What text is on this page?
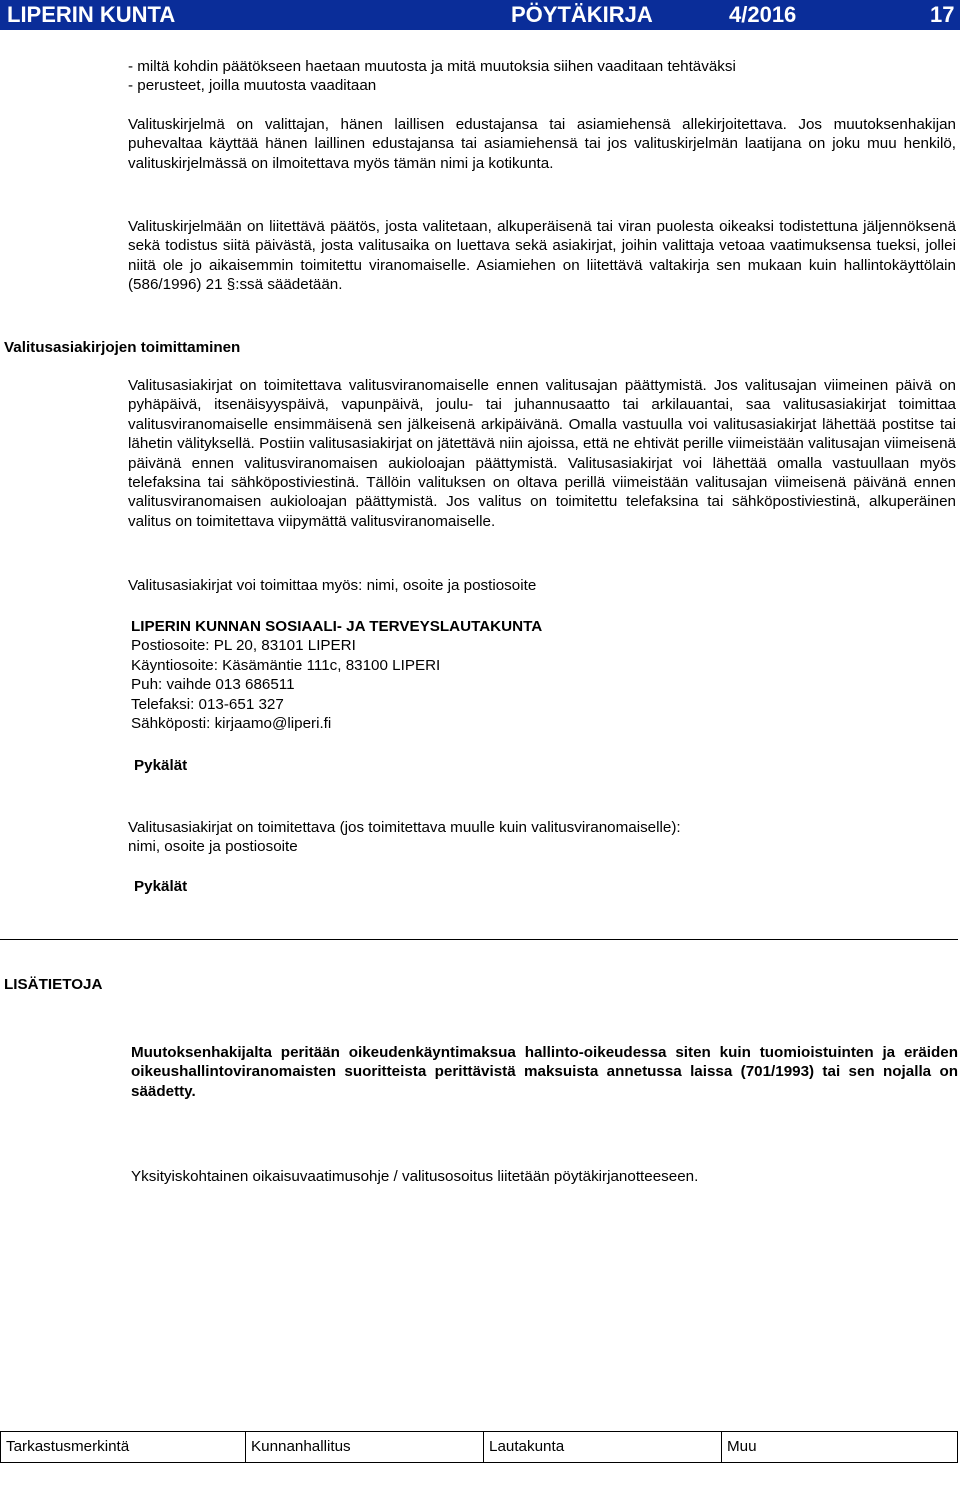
LIPERIN KUNTA	PÖYTÄKIRJA	4/2016	17

- miltä kohdin päätökseen haetaan muutosta ja mitä muutoksia siihen vaaditaan tehtäväksi
- perusteet, joilla muutosta vaaditaan

Valituskirjelmä on valittajan, hänen laillisen edustajansa tai asiamiehensä allekirjoitettava. Jos muutoksenhakijan puhevaltaa käyttää hänen laillinen edustajansa tai asiamiehensä tai jos valituskirjelmän laatijana on joku muu henkilö, valituskirjelmässä on ilmoitettava myös tämän nimi ja kotikunta.

Valituskirjelmään on liitettävä päätös, josta valitetaan, alkuperäisenä tai viran puolesta oikeaksi todistettuna jäljennöksenä sekä todistus siitä päivästä, josta valitusaika on luettava sekä asiakirjat, joihin valittaja vetoaa vaatimuksensa tueksi, jollei niitä ole jo aikaisemmin toimitettu viranomaiselle. Asiamiehen on liitettävä valtakirja sen mukaan kuin hallintokäyttölain (586/1996) 21 §:ssä säädetään.

Valitusasiakirjojen toimittaminen

Valitusasiakirjat on toimitettava valitusviranomaiselle ennen valitusajan päättymistä. Jos valitusajan viimeinen päivä on pyhäpäivä, itsenäisyyspäivä, vapunpäivä, joulu- tai juhannusaatto tai arkilauantai, saa valitusasiakirjat toimittaa valitusviranomaiselle ensimmäisenä sen jälkeisenä arkipäivänä. Omalla vastuulla voi valitusasiakirjat lähettää postitse tai lähetin välityksellä. Postiin valitusasiakirjat on jätettävä niin ajoissa, että ne ehtivät perille viimeistään valitusajan viimeisenä päivänä ennen valitusviranomaisen aukioloajan päättymistä. Valitusasiakirjat voi lähettää omalla vastuullaan myös telefaksina tai sähköpostiviestinä. Tällöin valituksen on oltava perillä viimeistään valitusajan viimeisenä päivänä ennen valitusviranomaisen aukioloajan päättymistä. Jos valitus on toimitettu telefaksina tai sähköpostiviestinä, alkuperäinen valitus on toimitettava viipymättä valitusviranomaiselle.

Valitusasiakirjat voi toimittaa myös: nimi, osoite ja postiosoite

LIPERIN KUNNAN SOSIAALI- JA TERVEYSLAUTAKUNTA
Postiosoite: PL 20, 83101 LIPERI
Käyntiosoite: Käsämäntie 111c, 83100 LIPERI
Puh: vaihde 013 686511
Telefaksi: 013-651 327
Sähköposti: kirjaamo@liperi.fi

Pykälät

Valitusasiakirjat on toimitettava (jos toimitettava muulle kuin valitusviranomaiselle):
nimi, osoite ja postiosoite

Pykälät

LISÄTIETOJA

Muutoksenhakijalta peritään oikeudenkäyntimaksua hallinto-oikeudessa siten kuin tuomioistuinten ja eräiden oikeushallintoviranomaisten suoritteista perittävistä maksuista annetussa laissa (701/1993) tai sen nojalla on säädetty.

Yksityiskohtainen oikaisuvaatimusohje / valitusosoitus liitetään pöytäkirjanotteeseen.

Tarkastusmerkintä	Kunnanhallitus	Lautakunta	Muu
